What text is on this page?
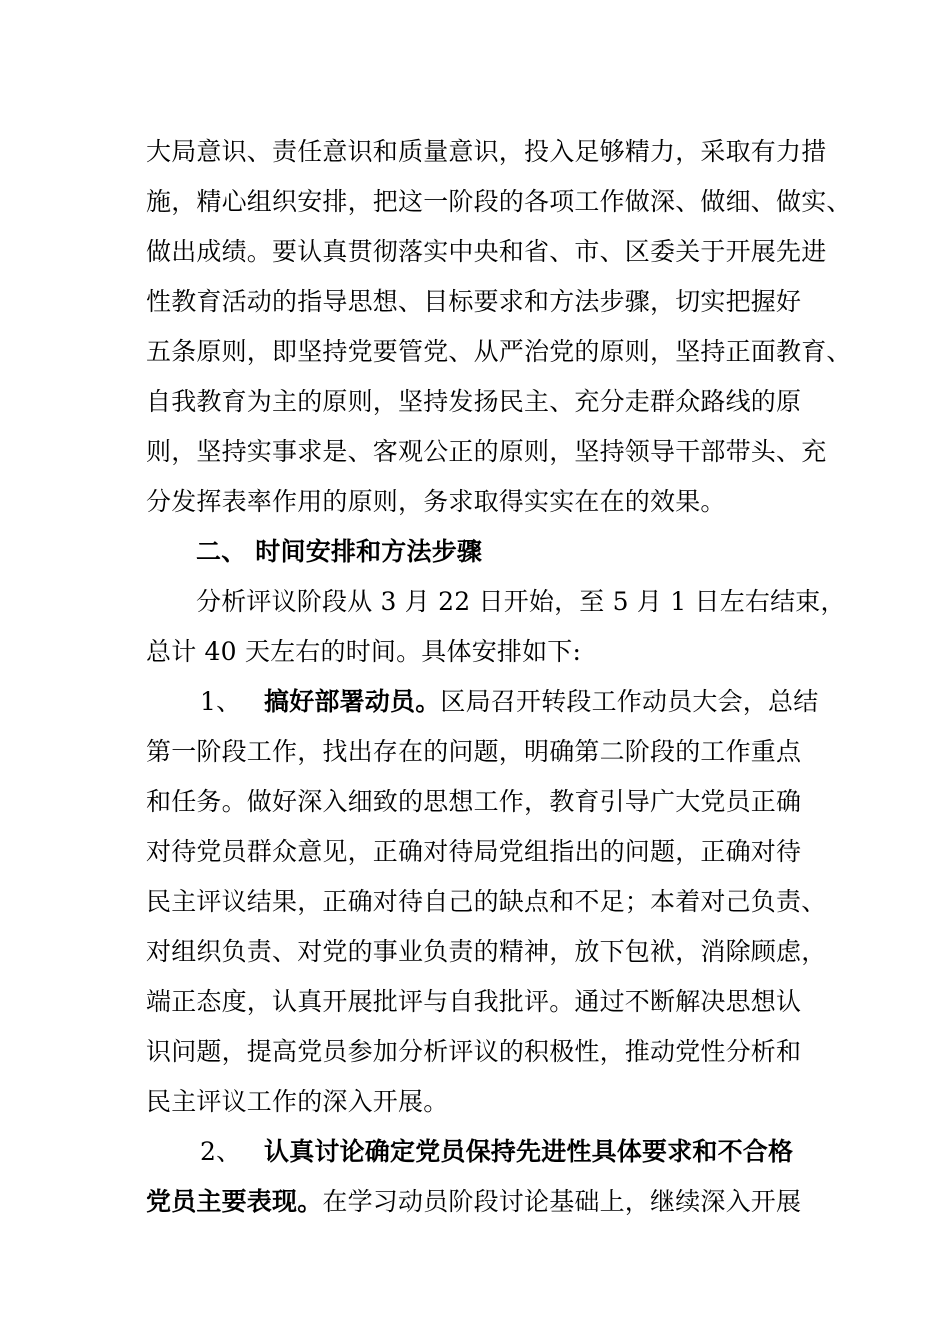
大局意识、责任意识和质量意识，投入足够精力，采取有力措
施，精心组织安排，把这一阶段的各项工作做深、做细、做实、
做出成绩。要认真贯彻落实中央和省、市、区委关于开展先进
性教育活动的指导思想、目标要求和方法步骤，切实把握好
五条原则，即坚持党要管党、从严治党的原则，坚持正面教育、
自我教育为主的原则，坚持发扬民主、充分走群众路线的原
则，坚持实事求是、客观公正的原则，坚持领导干部带头、充
分发挥表率作用的原则，务求取得实实在在的效果。
二、 时间安排和方法步骤
分析评议阶段从 3 月 22 日开始，至 5 月 1 日左右结束，
总计 40 天左右的时间。具体安排如下:
1、 搞好部署动员。区局召开转段工作动员大会，总结
第一阶段工作，找出存在的问题，明确第二阶段的工作重点
和任务。做好深入细致的思想工作，教育引导广大党员正确
对待党员群众意见，正确对待局党组指出的问题，正确对待
民主评议结果，正确对待自己的缺点和不足；本着对己负责、
对组织负责、对党的事业负责的精神，放下包袱，消除顾虑，
端正态度，认真开展批评与自我批评。通过不断解决思想认
识问题，提高党员参加分析评议的积极性，推动党性分析和
民主评议工作的深入开展。
2、 认真讨论确定党员保持先进性具体要求和不合格
党员主要表现。在学习动员阶段讨论基础上，继续深入开展
